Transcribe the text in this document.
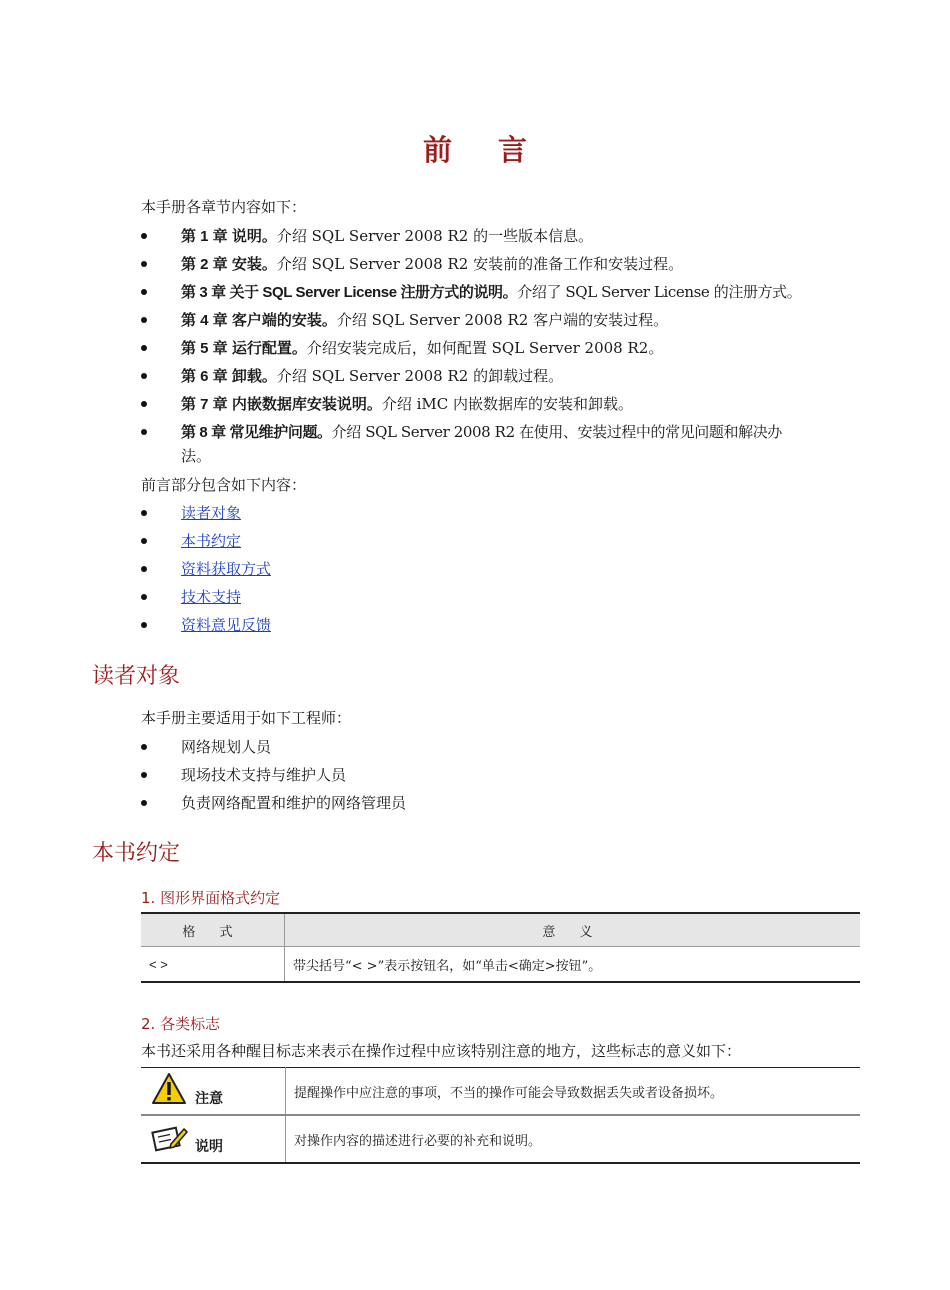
前 言
本手册各章节内容如下：
第 1 章 说明。介绍 SQL Server 2008 R2 的一些版本信息。
第 2 章 安装。介绍 SQL Server 2008 R2 安装前的准备工作和安装过程。
第 3 章 关于 SQL Server License 注册方式的说明。介绍了 SQL Server License 的注册方式。
第 4 章 客户端的安装。介绍 SQL Server 2008 R2 客户端的安装过程。
第 5 章 运行配置。介绍安装完成后，如何配置 SQL Server 2008 R2。
第 6 章 卸载。介绍 SQL Server 2008 R2 的卸载过程。
第 7 章 内嵌数据库安装说明。介绍 iMC 内嵌数据库的安装和卸载。
第 8 章 常见维护问题。介绍 SQL Server 2008 R2 在使用、安装过程中的常见问题和解决办
法。
前言部分包含如下内容：
读者对象
本书约定
资料获取方式
技术支持
资料意见反馈
读者对象
本手册主要适用于如下工程师：
网络规划人员
现场技术支持与维护人员
负责网络配置和维护的网络管理员
本书约定
1. 图形界面格式约定
格 式	意 义
< >	带尖括号“< >”表示按钮名，如“单击<确定>按钮”。
2. 各类标志
本书还采用各种醒目标志来表示在操作过程中应该特别注意的地方，这些标志的意义如下：
注意	提醒操作中应注意的事项，不当的操作可能会导致数据丢失或者设备损坏。

说明	对操作内容的描述进行必要的补充和说明。
